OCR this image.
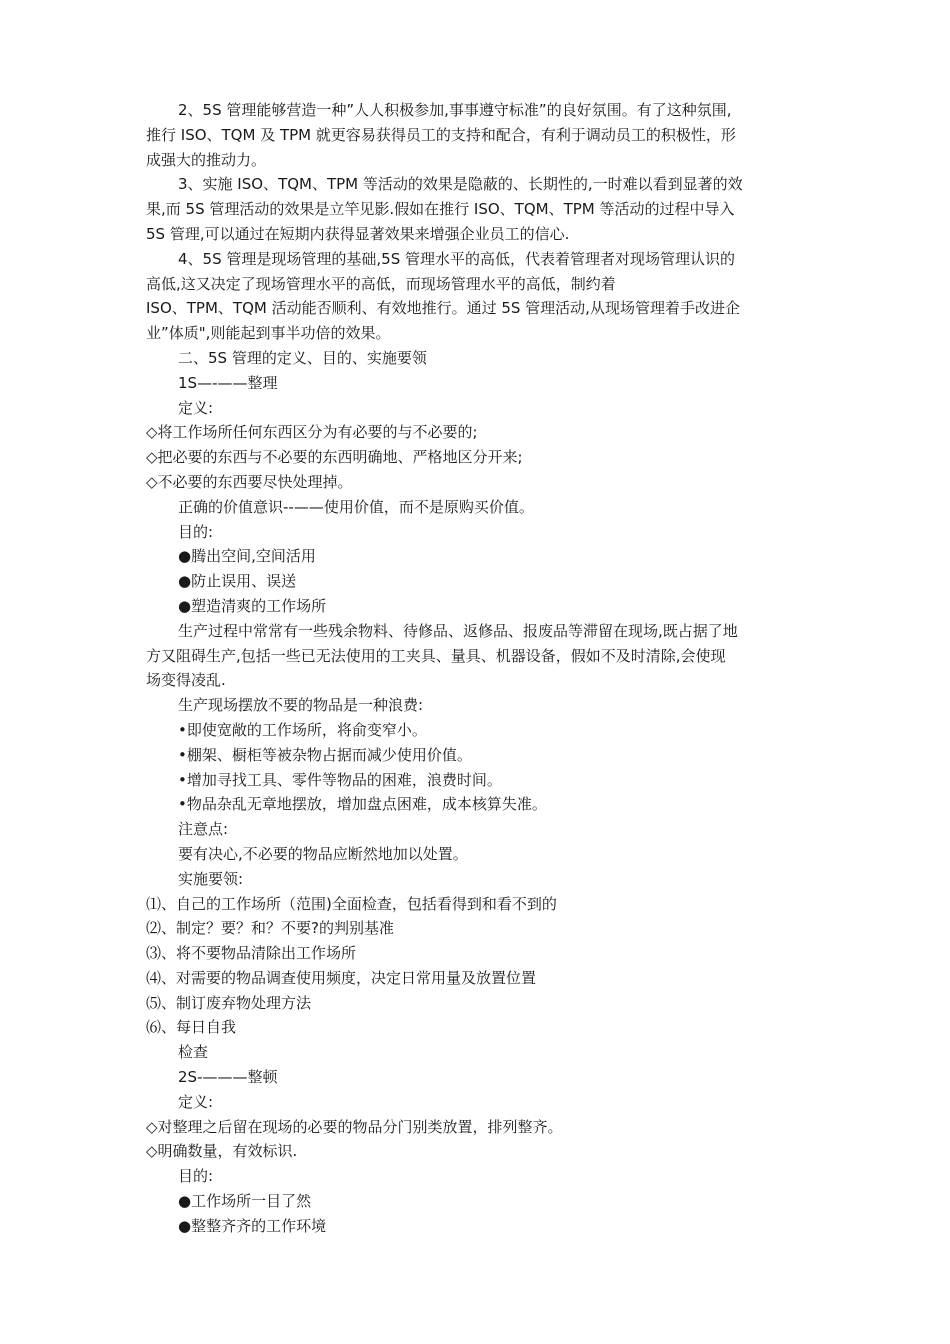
2、5S 管理能够营造一种”人人积极参加,事事遵守标准”的良好氛围。有了这种氛围,
推行 ISO、TQM 及 TPM 就更容易获得员工的支持和配合，有利于调动员工的积极性，形
成强大的推动力。
3、实施 ISO、TQM、TPM 等活动的效果是隐蔽的、长期性的,一时难以看到显著的效
果,而 5S 管理活动的效果是立竿见影.假如在推行 ISO、TQM、TPM 等活动的过程中导入
5S 管理,可以通过在短期内获得显著效果来增强企业员工的信心.
4、5S 管理是现场管理的基础,5S 管理水平的高低，代表着管理者对现场管理认识的
高低,这又决定了现场管理水平的高低，而现场管理水平的高低，制约着
ISO、TPM、TQM 活动能否顺利、有效地推行。通过 5S 管理活动,从现场管理着手改进企
业”体质",则能起到事半功倍的效果。
二、5S 管理的定义、目的、实施要领
1S—-——整理
定义:
◇将工作场所任何东西区分为有必要的与不必要的;
◇把必要的东西与不必要的东西明确地、严格地区分开来;
◇不必要的东西要尽快处理掉。
正确的价值意识--——使用价值，而不是原购买价值。
目的:
●腾出空间,空间活用
●防止误用、误送
●塑造清爽的工作场所
生产过程中常常有一些残余物料、待修品、返修品、报废品等滞留在现场,既占据了地
方又阻碍生产,包括一些已无法使用的工夹具、量具、机器设备，假如不及时清除,会使现
场变得凌乱.
生产现场摆放不要的物品是一种浪费:
•即使宽敞的工作场所，将俞变窄小。
•棚架、橱柜等被杂物占据而减少使用价值。
•增加寻找工具、零件等物品的困难，浪费时间。
•物品杂乱无章地摆放，增加盘点困难，成本核算失准。
注意点:
要有决心,不必要的物品应断然地加以处置。
实施要领:
⑴、自己的工作场所（范围)全面检查，包括看得到和看不到的
⑵、制定？要？和？不要?的判别基准
⑶、将不要物品清除出工作场所
⑷、对需要的物品调查使用频度，决定日常用量及放置位置
⑸、制订废弃物处理方法
⑹、每日自我
检查
2S-———整顿
定义:
◇对整理之后留在现场的必要的物品分门别类放置，排列整齐。
◇明确数量，有效标识.
目的:
●工作场所一目了然
●整整齐齐的工作环境
